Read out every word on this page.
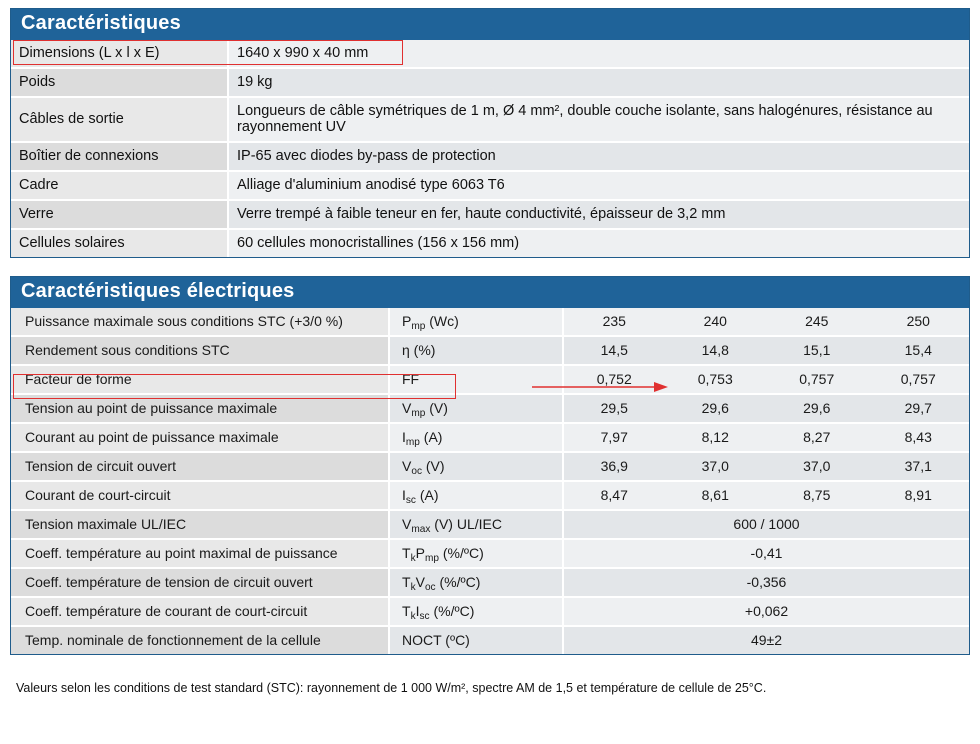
Caractéristiques
Dimensions (L x l x E)	1640 x 990 x 40 mm
Poids	19 kg
Câbles de sortie	Longueurs de câble symétriques de 1 m, Ø 4 mm², double couche isolante, sans halogénures, résistance au rayonnement UV
Boîtier de connexions	IP-65 avec diodes by-pass de protection
Cadre	Alliage d'aluminium anodisé type 6063 T6
Verre	Verre trempé à faible teneur en fer, haute conductivité, épaisseur de 3,2 mm
Cellules solaires	60 cellules monocristallines (156 x 156 mm)
Caractéristiques électriques
Puissance maximale sous conditions STC (+3/0 %)	$P_{mp}$ (Wc)	235	240	245	250
Rendement sous conditions STC	η (%)	14,5	14,8	15,1	15,4
Facteur de forme	FF	0,752	0,753	0,757	0,757
Tension au point de puissance maximale	$V_{mp}$ (V)	29,5	29,6	29,6	29,7
Courant au point de puissance maximale	$I_{mp}$ (A)	7,97	8,12	8,27	8,43
Tension de circuit ouvert	$V_{oc}$ (V)	36,9	37,0	37,0	37,1
Courant de court-circuit	$I_{sc}$ (A)	8,47	8,61	8,75	8,91
Tension maximale UL/IEC	$V_{max}$ (V) UL/IEC	600 / 1000			
Coeff. température au point maximal de puissance	$T_kP_{mp}$ (%/ºC)	-0,41			
Coeff. température de tension de circuit ouvert	$T_kV_{oc}$ (%/ºC)	-0,356			
Coeff. température de courant de court-circuit	$T_kI_{sc}$ (%/ºC)	+0,062			
Temp. nominale de fonctionnement de la cellule	NOCT (ºC)	49±2			
Valeurs selon les conditions de test standard (STC): rayonnement de 1 000 W/m², spectre AM de 1,5 et température de cellule de 25°C.
